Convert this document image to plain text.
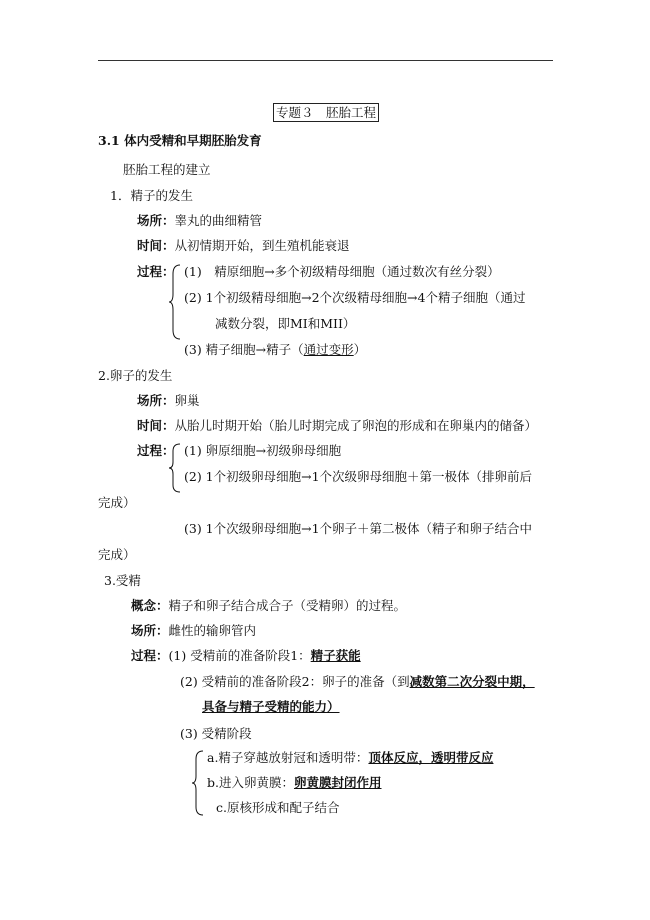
专题３　胚胎工程
3.1 体内受精和早期胚胎发育
胚胎工程的建立
1．精子的发生
场所：睾丸的曲细精管
时间：从初情期开始，到生殖机能衰退
过程： (1)　精原细胞→多个初级精母细胞（通过数次有丝分裂）
(2) 1个初级精母细胞→2个次级精母细胞→4个精子细胞（通过
减数分裂，即MI和MII）
(3) 精子细胞→精子（通过变形）
2.卵子的发生
场所：卵巢
时间：从胎儿时期开始（胎儿时期完成了卵泡的形成和在卵巢内的储备）
过程： (1) 卵原细胞→初级卵母细胞
(2) 1个初级卵母细胞→1个次级卵母细胞＋第一极体（排卵前后
完成）
(3) 1个次级卵母细胞→1个卵子＋第二极体（精子和卵子结合中
完成）
3.受精
概念：精子和卵子结合成合子（受精卵）的过程。
场所：雌性的输卵管内
过程：(1) 受精前的准备阶段1：精子获能
(2) 受精前的准备阶段2：卵子的准备（到减数第二次分裂中期，
具备与精子受精的能力）
(3) 受精阶段
a.精子穿越放射冠和透明带：顶体反应，透明带反应
b.进入卵黄膜：卵黄膜封闭作用
c.原核形成和配子结合
